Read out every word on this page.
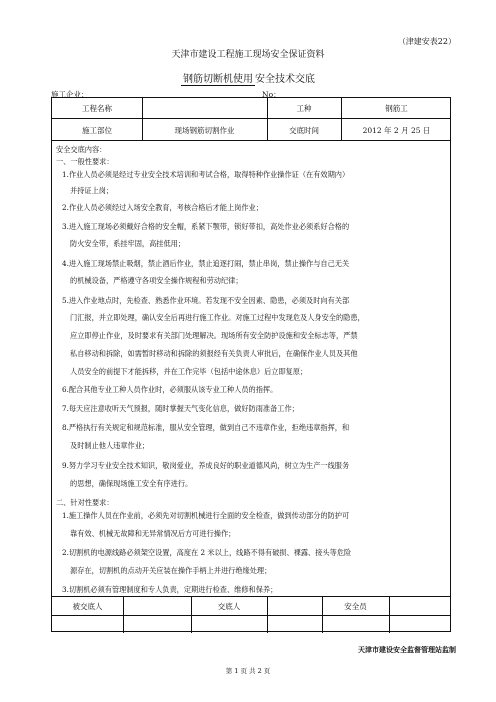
（津建安表22）
天津市建设工程施工现场安全保证资料
钢筋切断机使用 安全技术交底
施工企业：	No：
工程名称	工种	钢筋工
施工部位	现场钢筋切割作业	交底时间	2012 年 2 月 25 日
安全交底内容：
一、一般性要求：
1.作业人员必须是经过专业安全技术培训和考试合格，取得特种作业操作证（在有效期内）
并持证上岗；
2.作业人员必须经过入场安全教育，考核合格后才能上岗作业；
3.进入施工现场必须戴好合格的安全帽，系紧下颚带，锁好带扣，高处作业必须系好合格的
防火安全带，系挂牢固，高挂低用；
4.进入施工现场禁止吸烟，禁止酒后作业，禁止追逐打闹，禁止串岗，禁止操作与自己无关
的机械设备，严格遵守各项安全操作规程和劳动纪律；
5.进入作业地点时，先检查、熟悉作业环境。若发现不安全因素、隐患，必须及时向有关部
门汇报，并立即处理，确认安全后再进行施工作业。对施工过程中发现危及人身安全的隐患，
应立即停止作业，及时要求有关部门处理解决。现场所有安全防护设施和安全标志等，严禁
私自移动和拆除，如需暂时移动和拆除的须报经有关负责人审批后，在确保作业人员及其他
人员安全的前提下才能拆移，并在工作完毕（包括中途休息）后立即复原；
6.配合其他专业工种人员作业时，必须服从该专业工种人员的指挥。
7.每天应注意收听天气预报，随时掌握天气变化信息，做好防雨准备工作；
8.严格执行有关规定和规范标准，服从安全管理，做到自己不违章作业，拒绝违章指挥，和
及时制止他人违章作业；
9.努力学习专业安全技术知识，敬岗爱业，养成良好的职业道德风尚，树立为生产一线服务
的思想，确保现场施工安全有序进行。
二、针对性要求：
1.施工操作人员在作业前，必须先对切割机械进行全面的安全检查，做到传动部分的防护可
靠有效、机械无故障和无异常情况后方可进行操作；
2.切割机的电源线路必须架空设置，高度在 2 米以上，线路不得有破损、裸露、接头等危险
源存在，切割机的点动开关应装在操作手柄上并进行绝缘处理；
3.切割机必须有管理制度和专人负责，定期进行检查、维修和保养；
被交底人	交底人	安全员
天津市建设安全监督管理站监制
第 1 页 共 2 页
